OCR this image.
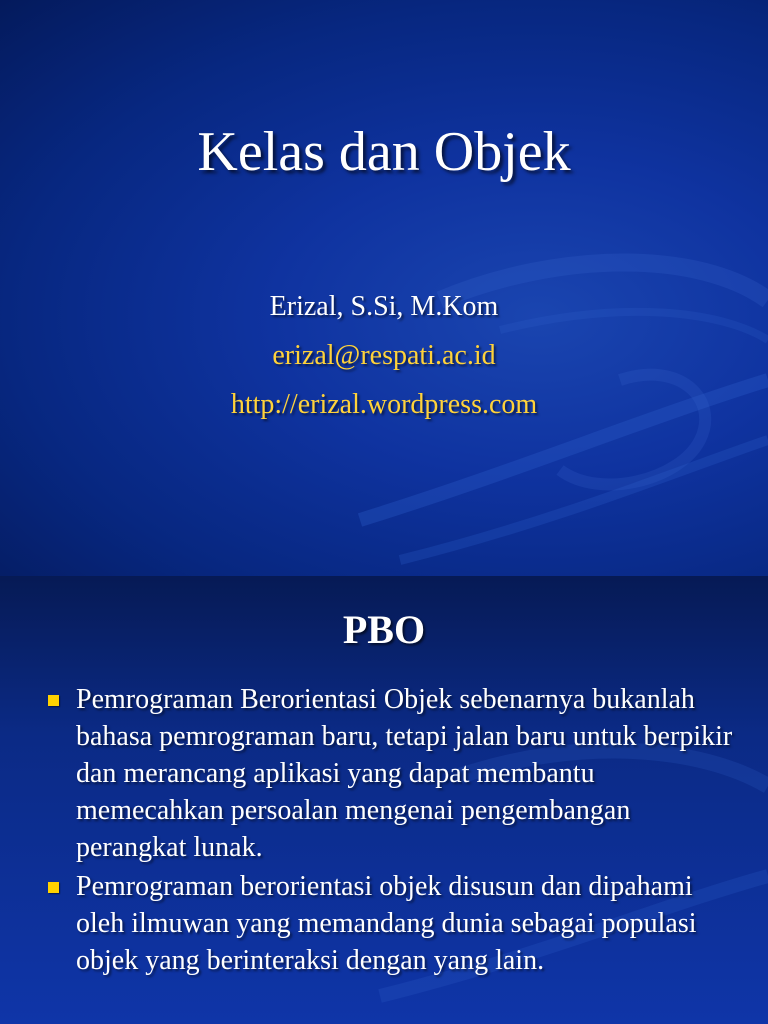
Kelas dan Objek
Erizal, S.Si, M.Kom
erizal@respati.ac.id
http://erizal.wordpress.com
PBO
Pemrograman Berorientasi Objek sebenarnya bukanlah bahasa pemrograman baru, tetapi jalan baru untuk berpikir dan merancang aplikasi yang dapat membantu memecahkan persoalan mengenai pengembangan perangkat lunak.
Pemrograman berorientasi objek disusun dan dipahami oleh ilmuwan yang memandang dunia sebagai populasi objek yang berinteraksi dengan yang lain.
